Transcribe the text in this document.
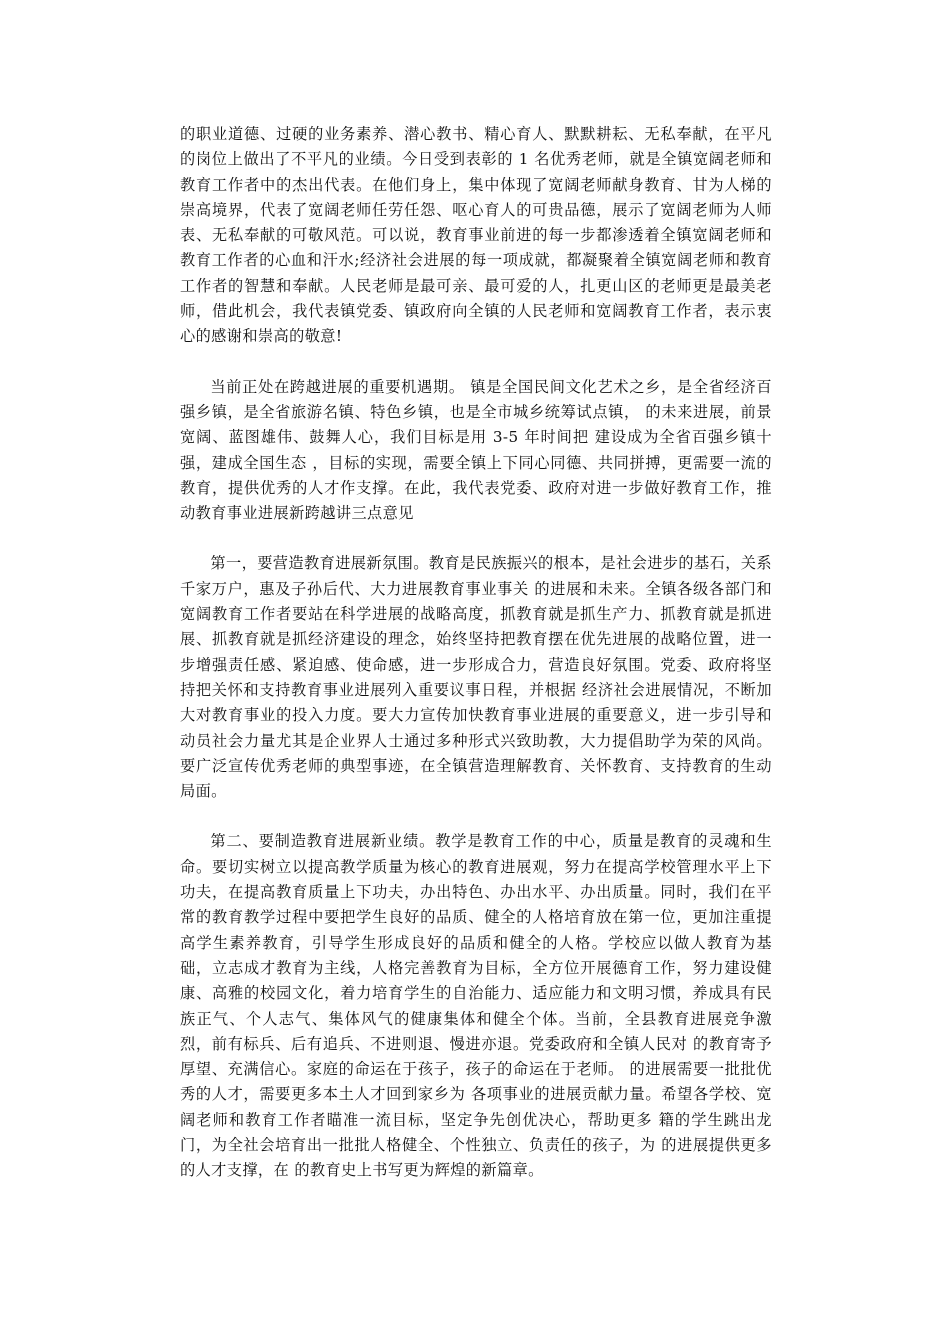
的职业道德、过硬的业务素养、潜心教书、精心育人、默默耕耘、无私奉献，在平凡的岗位上做出了不平凡的业绩。今日受到表彰的 1 名优秀老师，就是全镇宽阔老师和教育工作者中的杰出代表。在他们身上，集中体现了宽阔老师献身教育、甘为人梯的崇高境界，代表了宽阔老师任劳任怨、呕心育人的可贵品德，展示了宽阔老师为人师表、无私奉献的可敬风范。可以说，教育事业前进的每一步都渗透着全镇宽阔老师和教育工作者的心血和汗水;经济社会进展的每一项成就，都凝聚着全镇宽阔老师和教育工作者的智慧和奉献。人民老师是最可亲、最可爱的人，扎更山区的老师更是最美老师，借此机会，我代表镇党委、镇政府向全镇的人民老师和宽阔教育工作者，表示衷心的感谢和崇高的敬意!

当前正处在跨越进展的重要机遇期。 镇是全国民间文化艺术之乡，是全省经济百强乡镇，是全省旅游名镇、特色乡镇，也是全市城乡统筹试点镇， 的未来进展，前景宽阔、蓝图雄伟、鼓舞人心，我们目标是用 3-5 年时间把 建设成为全省百强乡镇十强，建成全国生态 ，目标的实现，需要全镇上下同心同德、共同拼搏，更需要一流的教育，提供优秀的人才作支撑。在此，我代表党委、政府对进一步做好教育工作，推动教育事业进展新跨越讲三点意见

第一，要营造教育进展新氛围。教育是民族振兴的根本，是社会进步的基石，关系千家万户，惠及子孙后代、大力进展教育事业事关 的进展和未来。全镇各级各部门和宽阔教育工作者要站在科学进展的战略高度，抓教育就是抓生产力、抓教育就是抓进展、抓教育就是抓经济建设的理念，始终坚持把教育摆在优先进展的战略位置，进一步增强责任感、紧迫感、使命感，进一步形成合力，营造良好氛围。党委、政府将坚持把关怀和支持教育事业进展列入重要议事日程，并根据 经济社会进展情况，不断加大对教育事业的投入力度。要大力宣传加快教育事业进展的重要意义，进一步引导和动员社会力量尤其是企业界人士通过多种形式兴致助教，大力提倡助学为荣的风尚。要广泛宣传优秀老师的典型事迹，在全镇营造理解教育、关怀教育、支持教育的生动局面。

第二、要制造教育进展新业绩。教学是教育工作的中心，质量是教育的灵魂和生命。要切实树立以提高教学质量为核心的教育进展观，努力在提高学校管理水平上下功夫，在提高教育质量上下功夫，办出特色、办出水平、办出质量。同时，我们在平常的教育教学过程中要把学生良好的品质、健全的人格培育放在第一位，更加注重提高学生素养教育，引导学生形成良好的品质和健全的人格。学校应以做人教育为基础，立志成才教育为主线，人格完善教育为目标，全方位开展德育工作，努力建设健康、高雅的校园文化，着力培育学生的自治能力、适应能力和文明习惯，养成具有民族正气、个人志气、集体风气的健康集体和健全个体。当前，全县教育进展竞争激烈，前有标兵、后有追兵、不进则退、慢进亦退。党委政府和全镇人民对 的教育寄予厚望、充满信心。家庭的命运在于孩子，孩子的命运在于老师。 的进展需要一批批优秀的人才，需要更多本土人才回到家乡为 各项事业的进展贡献力量。希望各学校、宽阔老师和教育工作者瞄准一流目标，坚定争先创优决心，帮助更多 籍的学生跳出龙门，为全社会培育出一批批人格健全、个性独立、负责任的孩子，为 的进展提供更多的人才支撑，在 的教育史上书写更为辉煌的新篇章。
